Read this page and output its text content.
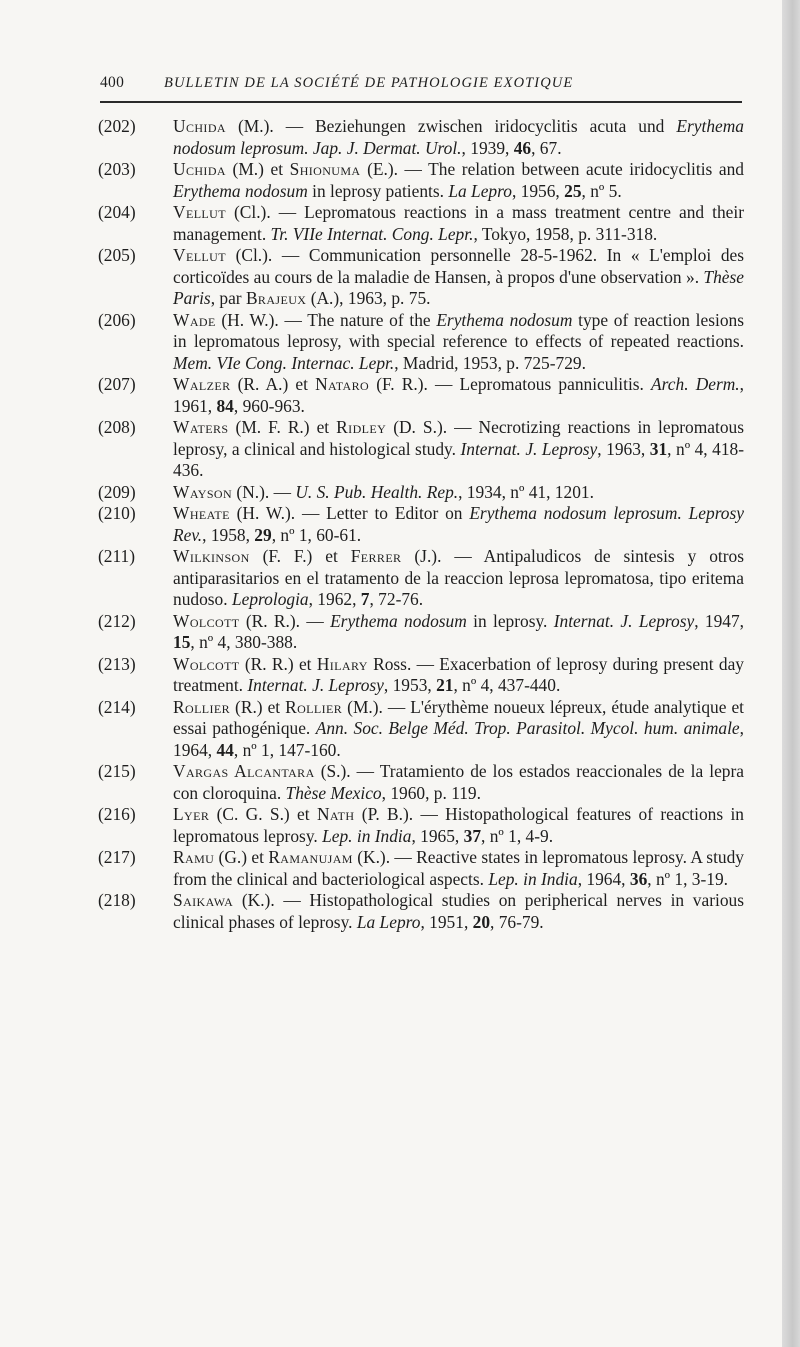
400	BULLETIN DE LA SOCIÉTÉ DE PATHOLOGIE EXOTIQUE
(202)	Uchida (M.). — Beziehungen zwischen iridocyclitis acuta und Erythema nodosum leprosum. Jap. J. Dermat. Urol., 1939, 46, 67.
(203)	Uchida (M.) et Shionuma (E.). — The relation between acute iridocyclitis and Erythema nodosum in leprosy patients. La Lepro, 1956, 25, nº 5.
(204)	Vellut (Cl.). — Lepromatous reactions in a mass treatment centre and their management. Tr. VIIe Internat. Cong. Lepr., Tokyo, 1958, p. 311-318.
(205)	Vellut (Cl.). — Communication personnelle 28-5-1962. In « L'emploi des corticoïdes au cours de la maladie de Hansen, à propos d'une observation ». Thèse Paris, par Brajeux (A.), 1963, p. 75.
(206)	Wade (H. W.). — The nature of the Erythema nodosum type of reaction lesions in lepromatous leprosy, with special reference to effects of repeated reactions. Mem. VIe Cong. Internac. Lepr., Madrid, 1953, p. 725-729.
(207)	Walzer (R. A.) et Nataro (F. R.). — Lepromatous panniculitis. Arch. Derm., 1961, 84, 960-963.
(208)	Waters (M. F. R.) et Ridley (D. S.). — Necrotizing reactions in lepromatous leprosy, a clinical and histological study. Internat. J. Leprosy, 1963, 31, nº 4, 418-436.
(209)	Wayson (N.). — U. S. Pub. Health. Rep., 1934, nº 41, 1201.
(210)	Wheate (H. W.). — Letter to Editor on Erythema nodosum leprosum. Leprosy Rev., 1958, 29, nº 1, 60-61.
(211)	Wilkinson (F. F.) et Ferrer (J.). — Antipaludicos de sintesis y otros antiparasitarios en el tratamento de la reaccion leprosa lepromatosa, tipo eritema nudoso. Leprologia, 1962, 7, 72-76.
(212)	Wolcott (R. R.). — Erythema nodosum in leprosy. Internat. J. Leprosy, 1947, 15, nº 4, 380-388.
(213)	Wolcott (R. R.) et Hilary Ross. — Exacerbation of leprosy during present day treatment. Internat. J. Leprosy, 1953, 21, nº 4, 437-440.
(214)	Rollier (R.) et Rollier (M.). — L'érythème noueux lépreux, étude analytique et essai pathogénique. Ann. Soc. Belge Méd. Trop. Parasitol. Mycol. hum. animale, 1964, 44, nº 1, 147-160.
(215)	Vargas Alcantara (S.). — Tratamiento de los estados reaccionales de la lepra con cloroquina. Thèse Mexico, 1960, p. 119.
(216)	Lyer (C. G. S.) et Nath (P. B.). — Histopathological features of reactions in lepromatous leprosy. Lep. in India, 1965, 37, nº 1, 4-9.
(217)	Ramu (G.) et Ramanujam (K.). — Reactive states in lepromatous leprosy. A study from the clinical and bacteriological aspects. Lep. in India, 1964, 36, nº 1, 3-19.
(218)	Saikawa (K.). — Histopathological studies on peripherical nerves in various clinical phases of leprosy. La Lepro, 1951, 20, 76-79.
